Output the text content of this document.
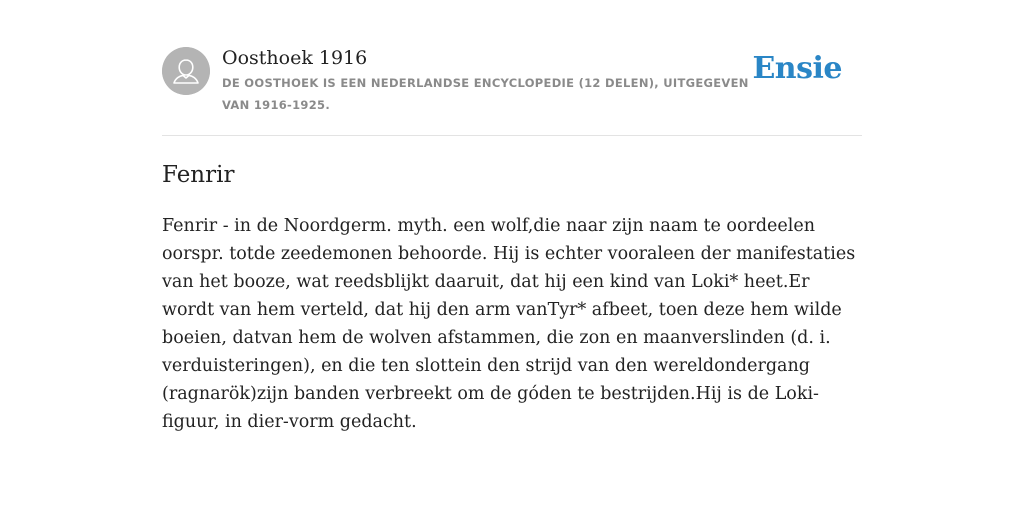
Oosthoek 1916
DE OOSTHOEK IS EEN NEDERLANDSE ENCYCLOPEDIE (12 DELEN), UITGEGEVEN VAN 1916-1925.
Ensie
Fenrir

Fenrir - in de Noordgerm. myth. een wolf,die naar zijn naam te oordeelen oorspr. totde zeedemonen behoorde. Hij is echter vooraleen der manifestaties van het booze, wat reedsblijkt daaruit, dat hij een kind van Loki* heet.Er wordt van hem verteld, dat hij den arm vanTyr* afbeet, toen deze hem wilde boeien, datvan hem de wolven afstammen, die zon en maanverslinden (d. i. verduisteringen), en die ten slottein den strijd van den wereldondergang (ragnarök)zijn banden verbreekt om de góden te bestrijden.Hij is de Loki-figuur, in dier-vorm gedacht.
